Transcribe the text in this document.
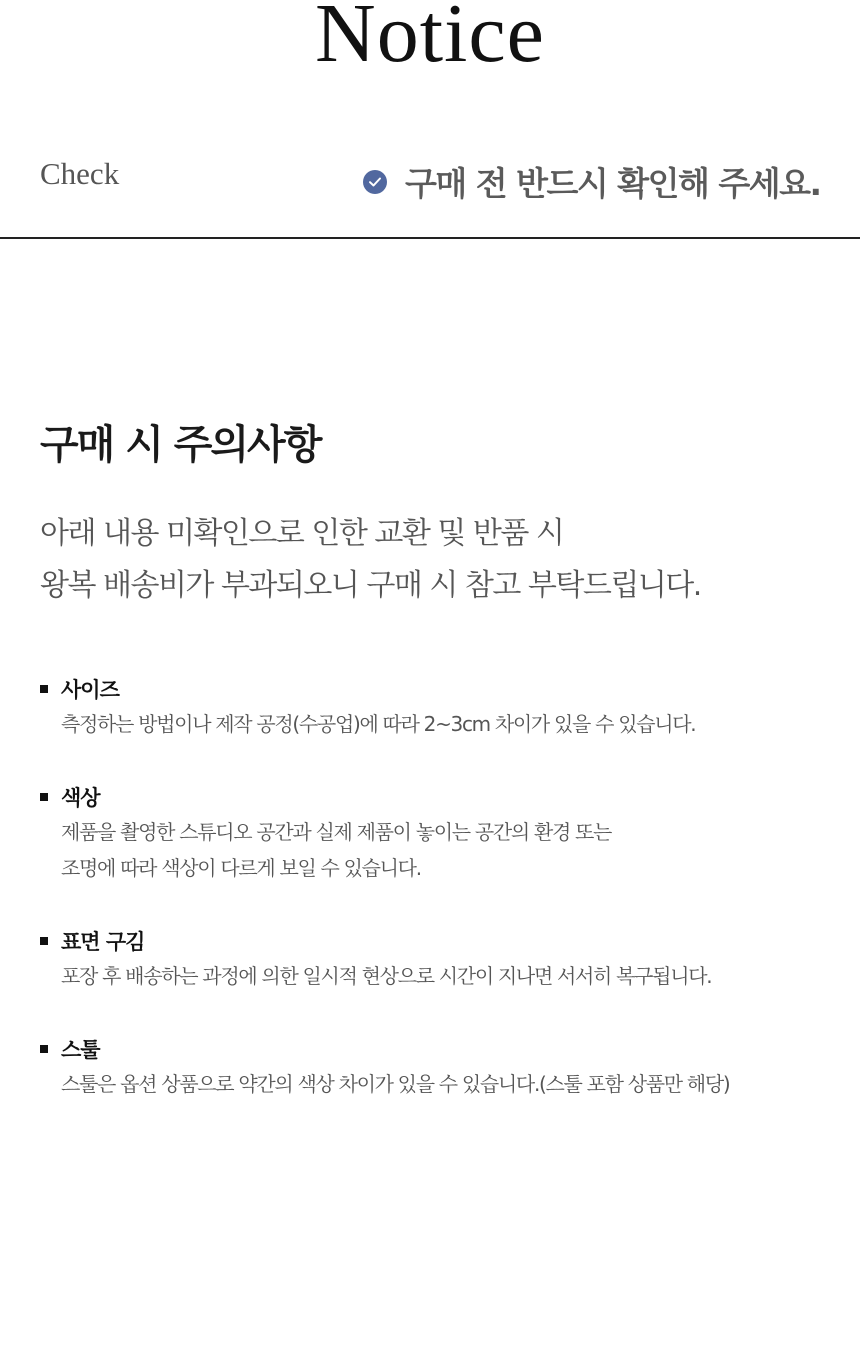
Notice
Check	구매 전 반드시 확인해 주세요.
구매 시 주의사항
아래 내용 미확인으로 인한 교환 및 반품 시
왕복 배송비가 부과되오니 구매 시 참고 부탁드립니다.
사이즈
측정하는 방법이나 제작 공정(수공업)에 따라 2~3cm 차이가 있을 수 있습니다.
색상
제품을 촬영한 스튜디오 공간과 실제 제품이 놓이는 공간의 환경 또는
조명에 따라 색상이 다르게 보일 수 있습니다.
표면 구김
포장 후 배송하는 과정에 의한 일시적 현상으로 시간이 지나면 서서히 복구됩니다.
스툴
스툴은 옵션 상품으로 약간의 색상 차이가 있을 수 있습니다.(스툴 포함 상품만 해당)
